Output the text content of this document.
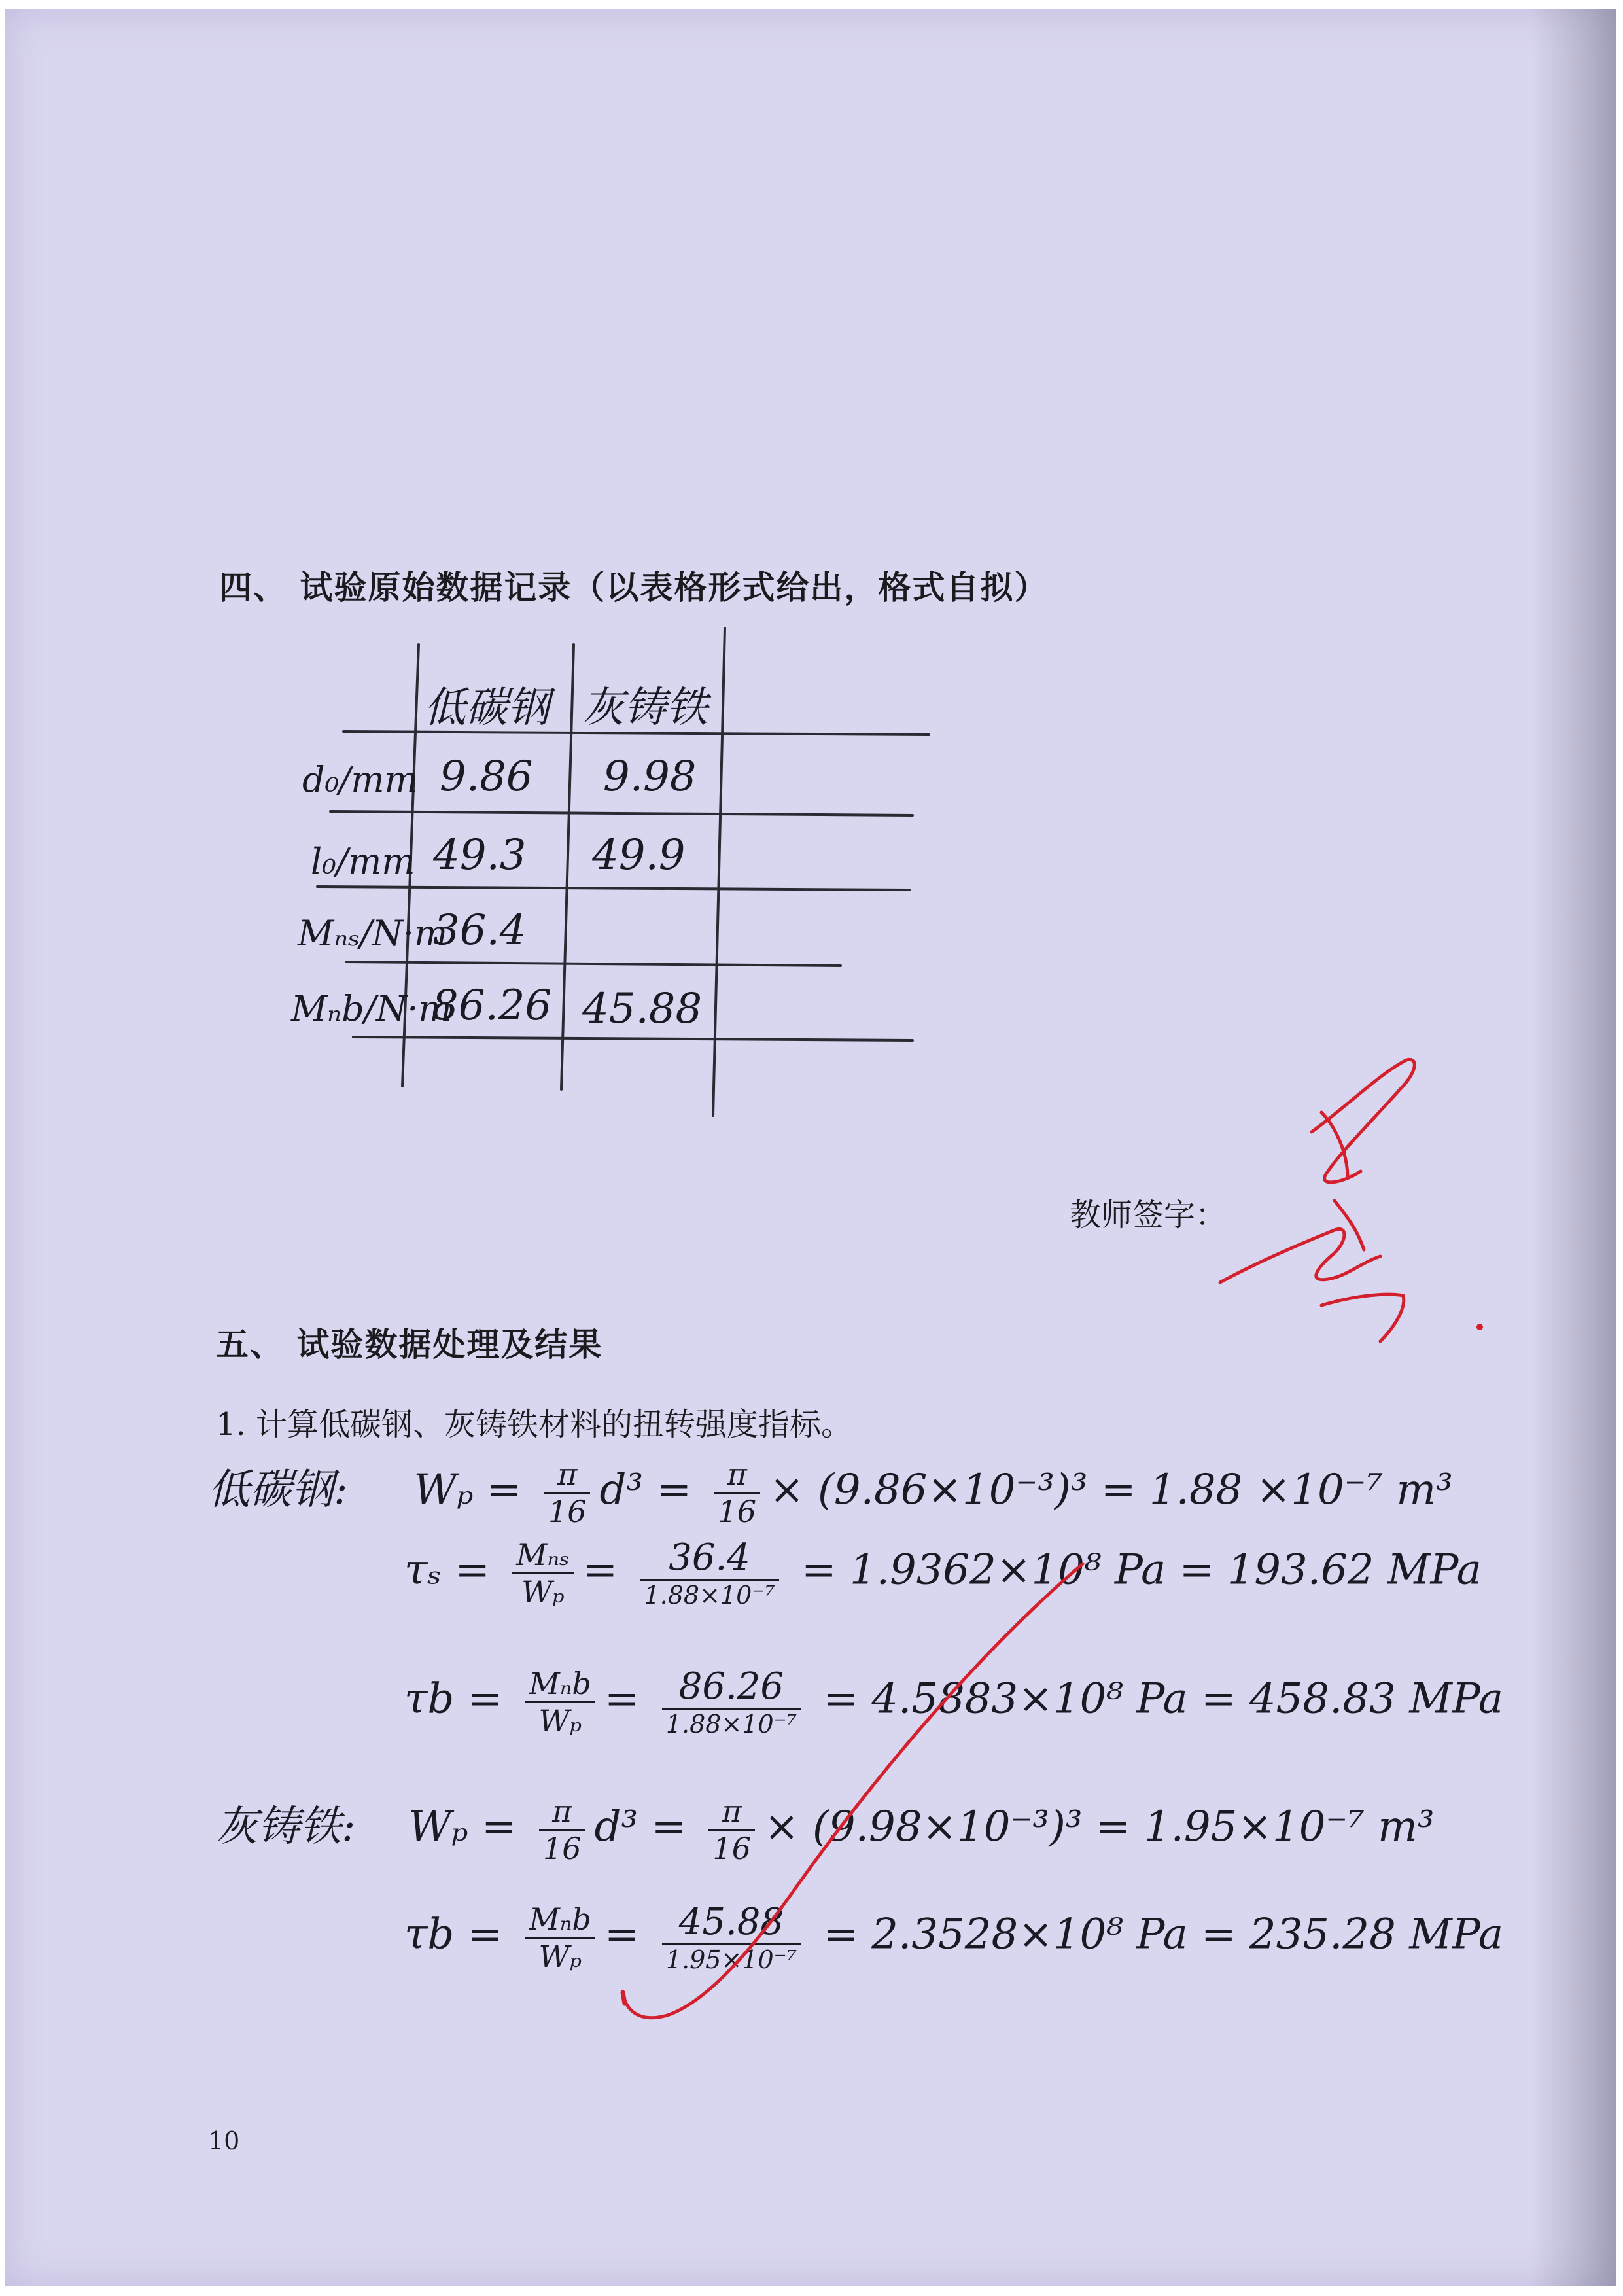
四、 试验原始数据记录（以表格形式给出，格式自拟）
低碳钢 灰铸铁
d₀/mm
l₀/mm
Mₙₛ/N·m
Mₙb/N·m
9.86 9.98
49.3 49.9
36.4
86.26 45.88
教师签字：
五、 试验数据处理及结果
1. 计算低碳钢、灰铸铁材料的扭转强度指标。
低碳钢: $W_p = \frac{\pi}{16} d^3 = \frac{\pi}{16} \times (9.86\times 10^{-3})^3 = 1.88 \times 10^{-7}$ m³
$\tau_s = \frac{\text{Mₙₛ}}{\text{Wₚ}} = \frac{36.4}{\text{1.88×10⁻⁷}} = 1.9362\times 10^8$ Pa = 193.62 MPa
$\tau b = \frac{\text{Mₙb}}{\text{Wₚ}} = \frac{86.26}{\text{1.88×10⁻⁷}} = 4.5883\times 10^8$ Pa = 458.83 MPa
灰铸铁: $W_p = \frac{\pi}{16} d^3 = \frac{\pi}{16} \times (9.98\times 10^{-3})^3 = 1.95\times 10^{-7}$ m³
$\tau b = \frac{\text{Mₙb}}{\text{Wₚ}} = \frac{45.88}{\text{1.95×10⁻⁷}} = 2.3528\times 10^8$ Pa = 235.28 MPa
10
